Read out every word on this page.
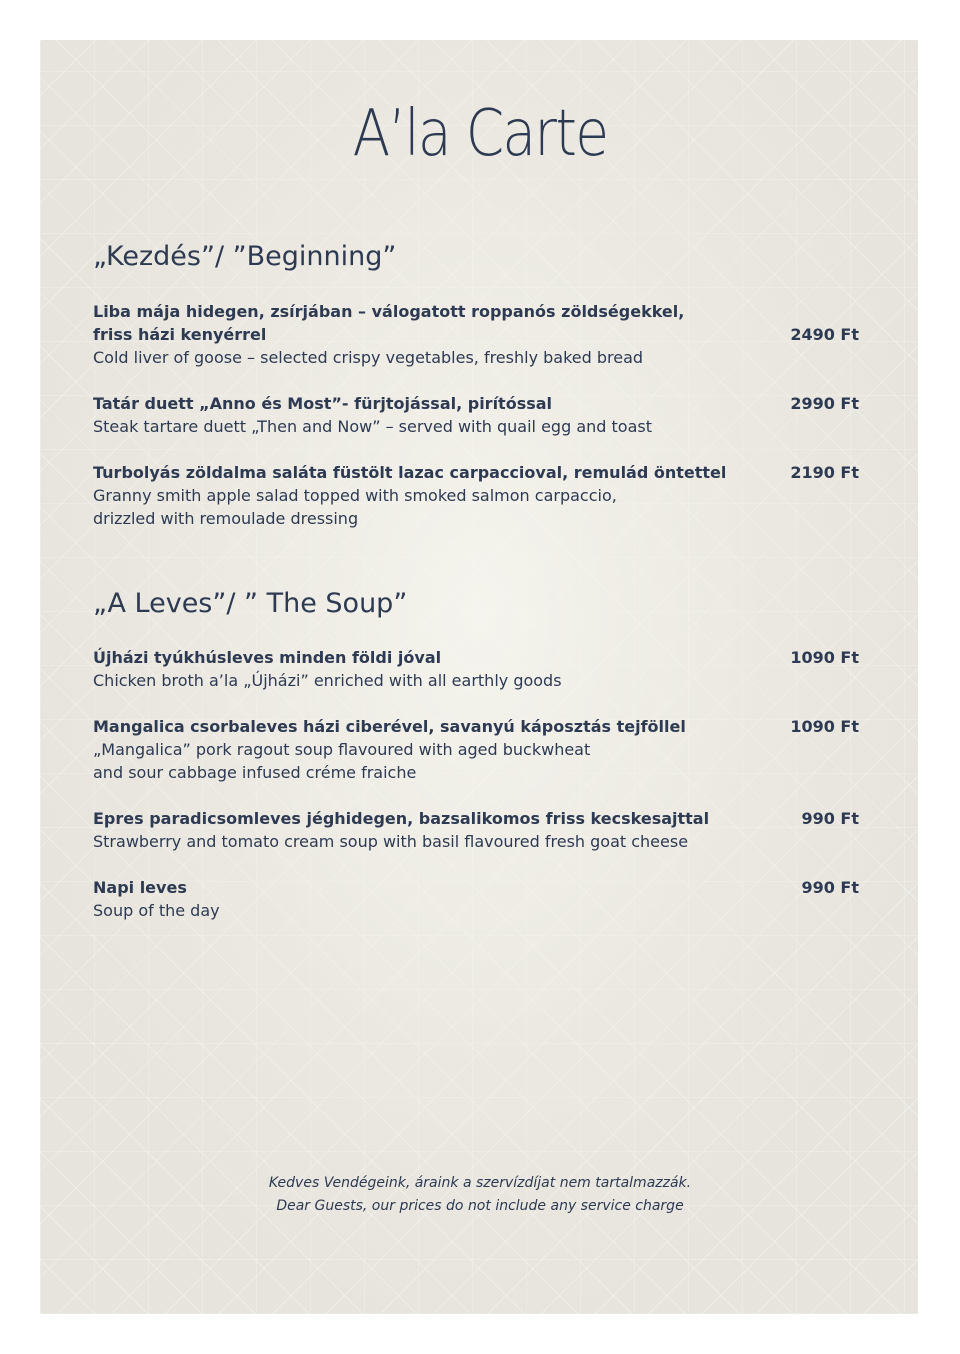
A’la Carte
„Kezdés”/ ”Beginning”
Liba mája hidegen, zsírjában – válogatott roppanós zöldségekkel,
friss házi kenyérrel
Cold liver of goose – selected crispy vegetables, freshly baked bread
2490 Ft
Tatár duett „Anno és Most”- fürjtojással, pirítóssal
Steak tartare duett „Then and Now” – served with quail egg and toast
2990 Ft
Turbolyás zöldalma saláta füstölt lazac carpaccioval, remulád öntettel
Granny smith apple salad topped with smoked salmon carpaccio,
drizzled with remoulade dressing
2190 Ft
„A Leves”/ ” The Soup”
Újházi tyúkhúsleves minden földi jóval
Chicken broth a’la „Újházi” enriched with all earthly goods
1090 Ft
Mangalica csorbaleves házi ciberével, savanyú káposztás tejföllel
„Mangalica” pork ragout soup flavoured with aged buckwheat
and sour cabbage infused créme fraiche
1090 Ft
Epres paradicsomleves jéghidegen, bazsalikomos friss kecskesajttal
Strawberry and tomato cream soup with basil flavoured fresh goat cheese
990 Ft
Napi leves
Soup of the day
990 Ft
Kedves Vendégeink, áraink a szervízdíjat nem tartalmazzák.
Dear Guests, our prices do not include any service charge
